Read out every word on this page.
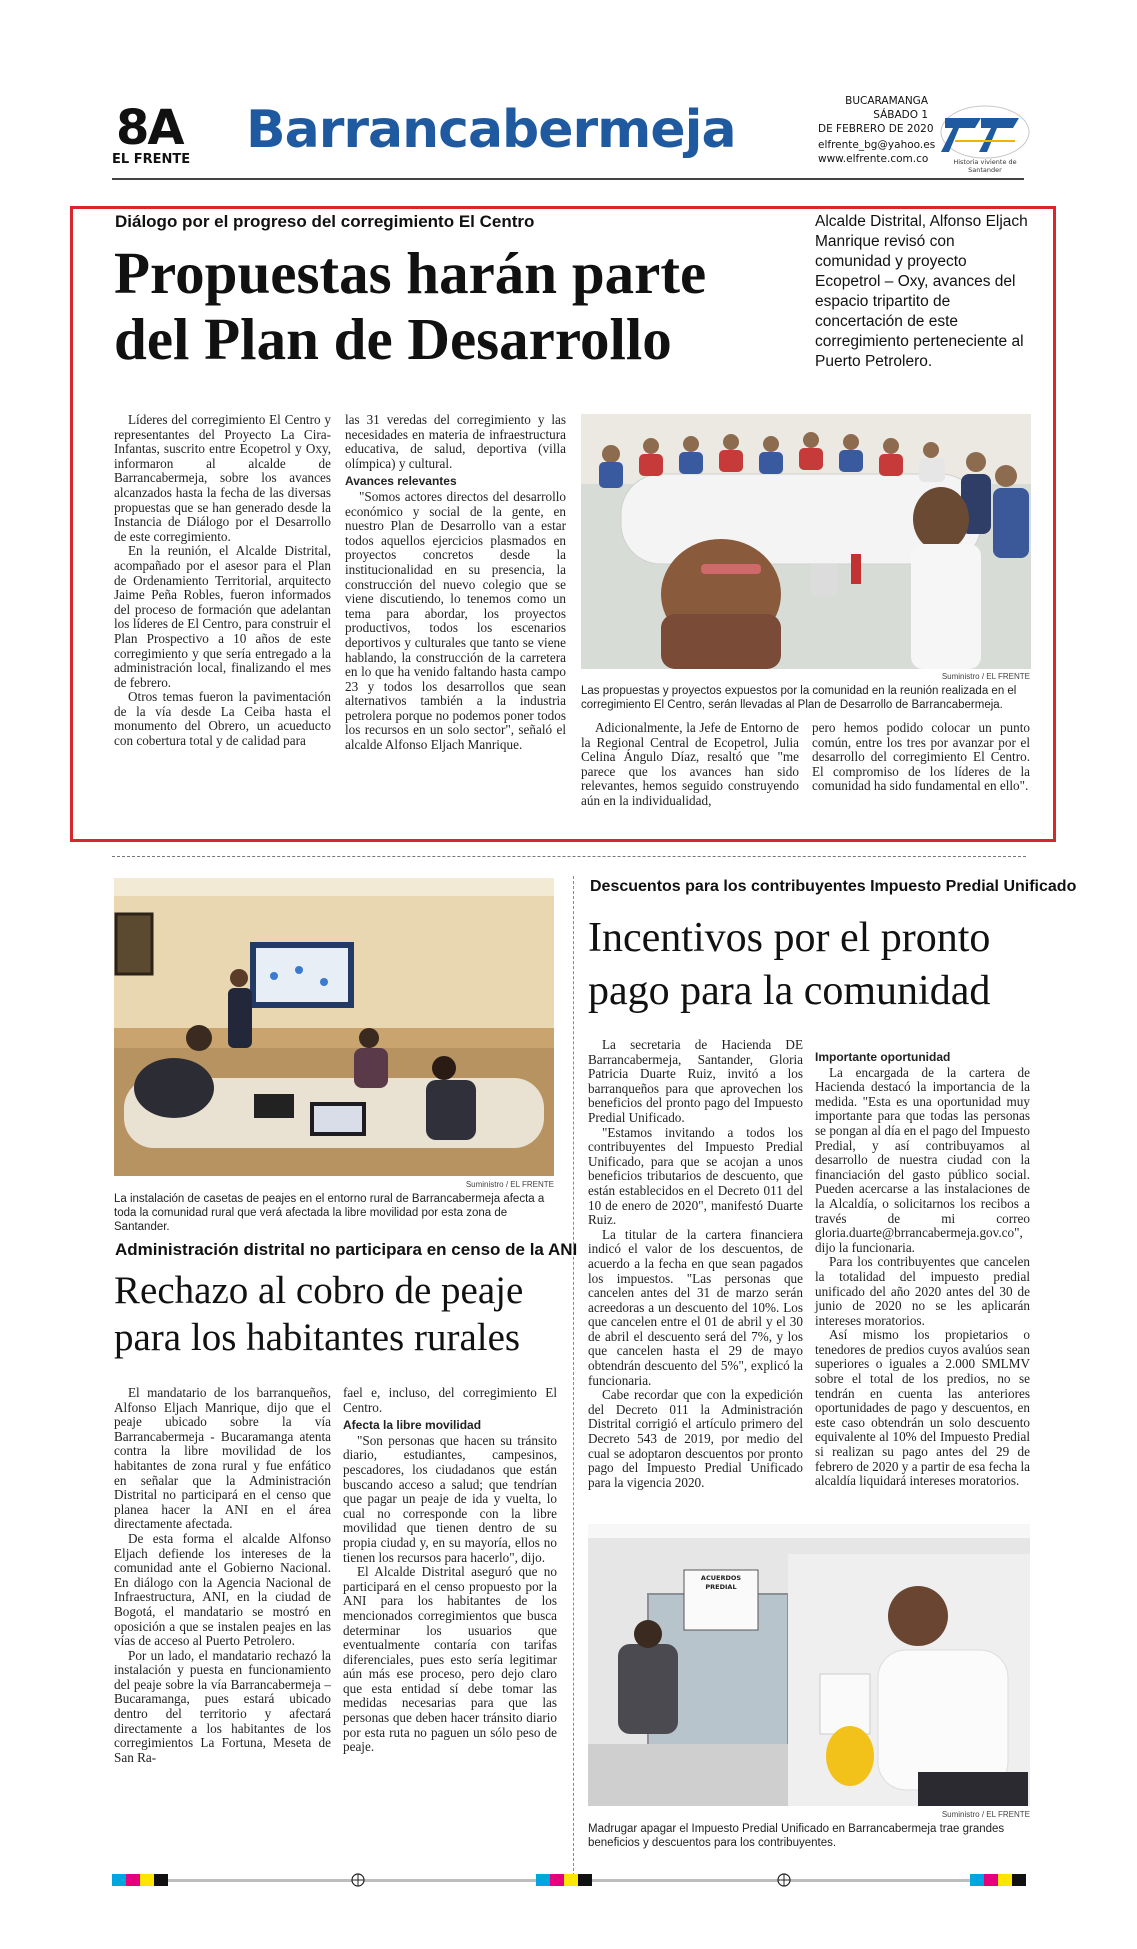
8A
EL FRENTE Barrancabermeja	BUCARAMANGA
SÁBADO 1
DE FEBRERO DE 2020
elfrente_bg@yahoo.es
www.elfrente.com.co	Historia viviente de Santander
Diálogo por el progreso del corregimiento El Centro
Propuestas harán parte
del Plan de Desarrollo
Alcalde Distrital, Alfonso Eljach Manrique revisó con comunidad y proyecto Ecopetrol – Oxy, avances del espacio tripartito de concertación de este corregimiento perteneciente al Puerto Petrolero.

Líderes del corregimiento El Centro y representantes del Proyecto La Cira-Infantas, suscrito entre Ecopetrol y Oxy, informaron al alcalde de Barrancabermeja, sobre los avances alcanzados hasta la fecha de las diversas propuestas que se han generado desde la Instancia de Diálogo por el Desarrollo de este corregimiento.

En la reunión, el Alcalde Distrital, acompañado por el asesor para el Plan de Ordenamiento Territorial, arquitecto Jaime Peña Robles, fueron informados del proceso de formación que adelantan los líderes de El Centro, para construir el Plan Prospectivo a 10 años de este corregimiento y que sería entregado a la administración local, finalizando el mes de febrero.

Otros temas fueron la pavimentación de la vía desde La Ceiba hasta el monumento del Obrero, un acueducto con cobertura total y de calidad para

las 31 veredas del corregimiento y las necesidades en materia de infraestructura educativa, de salud, deportiva (villa olímpica) y cultural.

Avances relevantes

"Somos actores directos del desarrollo económico y social de la gente, en nuestro Plan de Desarrollo van a estar todos aquellos ejercicios plasmados en proyectos concretos desde la institucionalidad en su presencia, la construcción del nuevo colegio que se viene discutiendo, lo tenemos como un tema para abordar, los proyectos productivos, todos los escenarios deportivos y culturales que tanto se viene hablando, la construcción de la carretera en lo que ha venido faltando hasta campo 23 y todos los desarrollos que sean alternativos también a la industria petrolera porque no podemos poner todos los recursos en un solo sector", señaló el alcalde Alfonso Eljach Manrique.

Suministro / EL FRENTE
Las propuestas y proyectos expuestos por la comunidad en la reunión realizada en el corregimiento El Centro, serán llevadas al Plan de Desarrollo de Barrancabermeja.

Adicionalmente, la Jefe de Entorno de la Regional Central de Ecopetrol, Julia Celina Ángulo Díaz, resaltó que "me parece que los avances han sido relevantes, hemos seguido construyendo aún en la individualidad,

pero hemos podido colocar un punto común, entre los tres por avanzar por el desarrollo del corregimiento El Centro. El compromiso de los líderes de la comunidad ha sido fundamental en ello".

Suministro / EL FRENTE
La instalación de casetas de peajes en el entorno rural de Barrancabermeja afecta a toda la comunidad rural que verá afectada la libre movilidad por esta zona de Santander.
Administración distrital no participara en censo de la ANI
Rechazo al cobro de peaje
para los habitantes rurales

El mandatario de los barranqueños, Alfonso Eljach Manrique, dijo que el peaje ubicado sobre la vía Barrancabermeja - Bucaramanga atenta contra la libre movilidad de los habitantes de zona rural y fue enfático en señalar que la Administración Distrital no participará en el censo que planea hacer la ANI en el área directamente afectada.

De esta forma el alcalde Alfonso Eljach defiende los intereses de la comunidad ante el Gobierno Nacional. En diálogo con la Agencia Nacional de Infraestructura, ANI, en la ciudad de Bogotá, el mandatario se mostró en oposición a que se instalen peajes en las vías de acceso al Puerto Petrolero.

Por un lado, el mandatario rechazó la instalación y puesta en funcionamiento del peaje sobre la vía Barrancabermeja – Bucaramanga, pues estará ubicado dentro del territorio y afectará directamente a los habitantes de los corregimientos La Fortuna, Meseta de San Ra-

fael e, incluso, del corregimiento El Centro.

Afecta la libre movilidad

"Son personas que hacen su tránsito diario, estudiantes, campesinos, pescadores, los ciudadanos que están buscando acceso a salud; que tendrían que pagar un peaje de ida y vuelta, lo cual no corresponde con la libre movilidad que tienen dentro de su propia ciudad y, en su mayoría, ellos no tienen los recursos para hacerlo", dijo.

El Alcalde Distrital aseguró que no participará en el censo propuesto por la ANI para los habitantes de los mencionados corregimientos que busca determinar los usuarios que eventualmente contaría con tarifas diferenciales, pues esto sería legitimar aún más ese proceso, pero dejo claro que esta entidad sí debe tomar las medidas necesarias para que las personas que deben hacer tránsito diario por esta ruta no paguen un sólo peso de peaje.

Descuentos para los contribuyentes Impuesto Predial Unificado
Incentivos por el pronto
pago para la comunidad

La secretaria de Hacienda DE Barrancabermeja, Santander, Gloria Patricia Duarte Ruiz, invitó a los barranqueños para que aprovechen los beneficios del pronto pago del Impuesto Predial Unificado.

"Estamos invitando a todos los contribuyentes del Impuesto Predial Unificado, para que se acojan a unos beneficios tributarios de descuento, que están establecidos en el Decreto 011 del 10 de enero de 2020", manifestó Duarte Ruiz.

La titular de la cartera financiera indicó el valor de los descuentos, de acuerdo a la fecha en que sean pagados los impuestos. "Las personas que cancelen antes del 31 de marzo serán acreedoras a un descuento del 10%. Los que cancelen entre el 01 de abril y el 30 de abril el descuento será del 7%, y los que cancelen hasta el 29 de mayo obtendrán descuento del 5%", explicó la funcionaria.

Cabe recordar que con la expedición del Decreto 011 la Administración Distrital corrigió el artículo primero del Decreto 543 de 2019, por medio del cual se adoptaron descuentos por pronto pago del Impuesto Predial Unificado para la vigencia 2020.

Importante oportunidad

La encargada de la cartera de Hacienda destacó la importancia de la medida. "Esta es una oportunidad muy importante para que todas las personas se pongan al día en el pago del Impuesto Predial, y así contribuyamos al desarrollo de nuestra ciudad con la financiación del gasto público social. Pueden acercarse a las instalaciones de la Alcaldía, o solicitarnos los recibos a través de mi correo gloria.duarte@brrancabermeja.gov.co", dijo la funcionaria.

Para los contribuyentes que cancelen la totalidad del impuesto predial unificado del año 2020 antes del 30 de junio de 2020 no se les aplicarán intereses moratorios.

Así mismo los propietarios o tenedores de predios cuyos avalúos sean superiores o iguales a 2.000 SMLMV sobre el total de los predios, no se tendrán en cuenta las anteriores oportunidades de pago y descuentos, en este caso obtendrán un solo descuento equivalente al 10% del Impuesto Predial si realizan su pago antes del 29 de febrero de 2020 y a partir de esa fecha la alcaldía liquidará intereses moratorios.

ACUERDOS
PREDIAL
Suministro / EL FRENTE
Madrugar apagar el Impuesto Predial Unificado en Barrancabermeja trae grandes beneficios y descuentos para los contribuyentes.
